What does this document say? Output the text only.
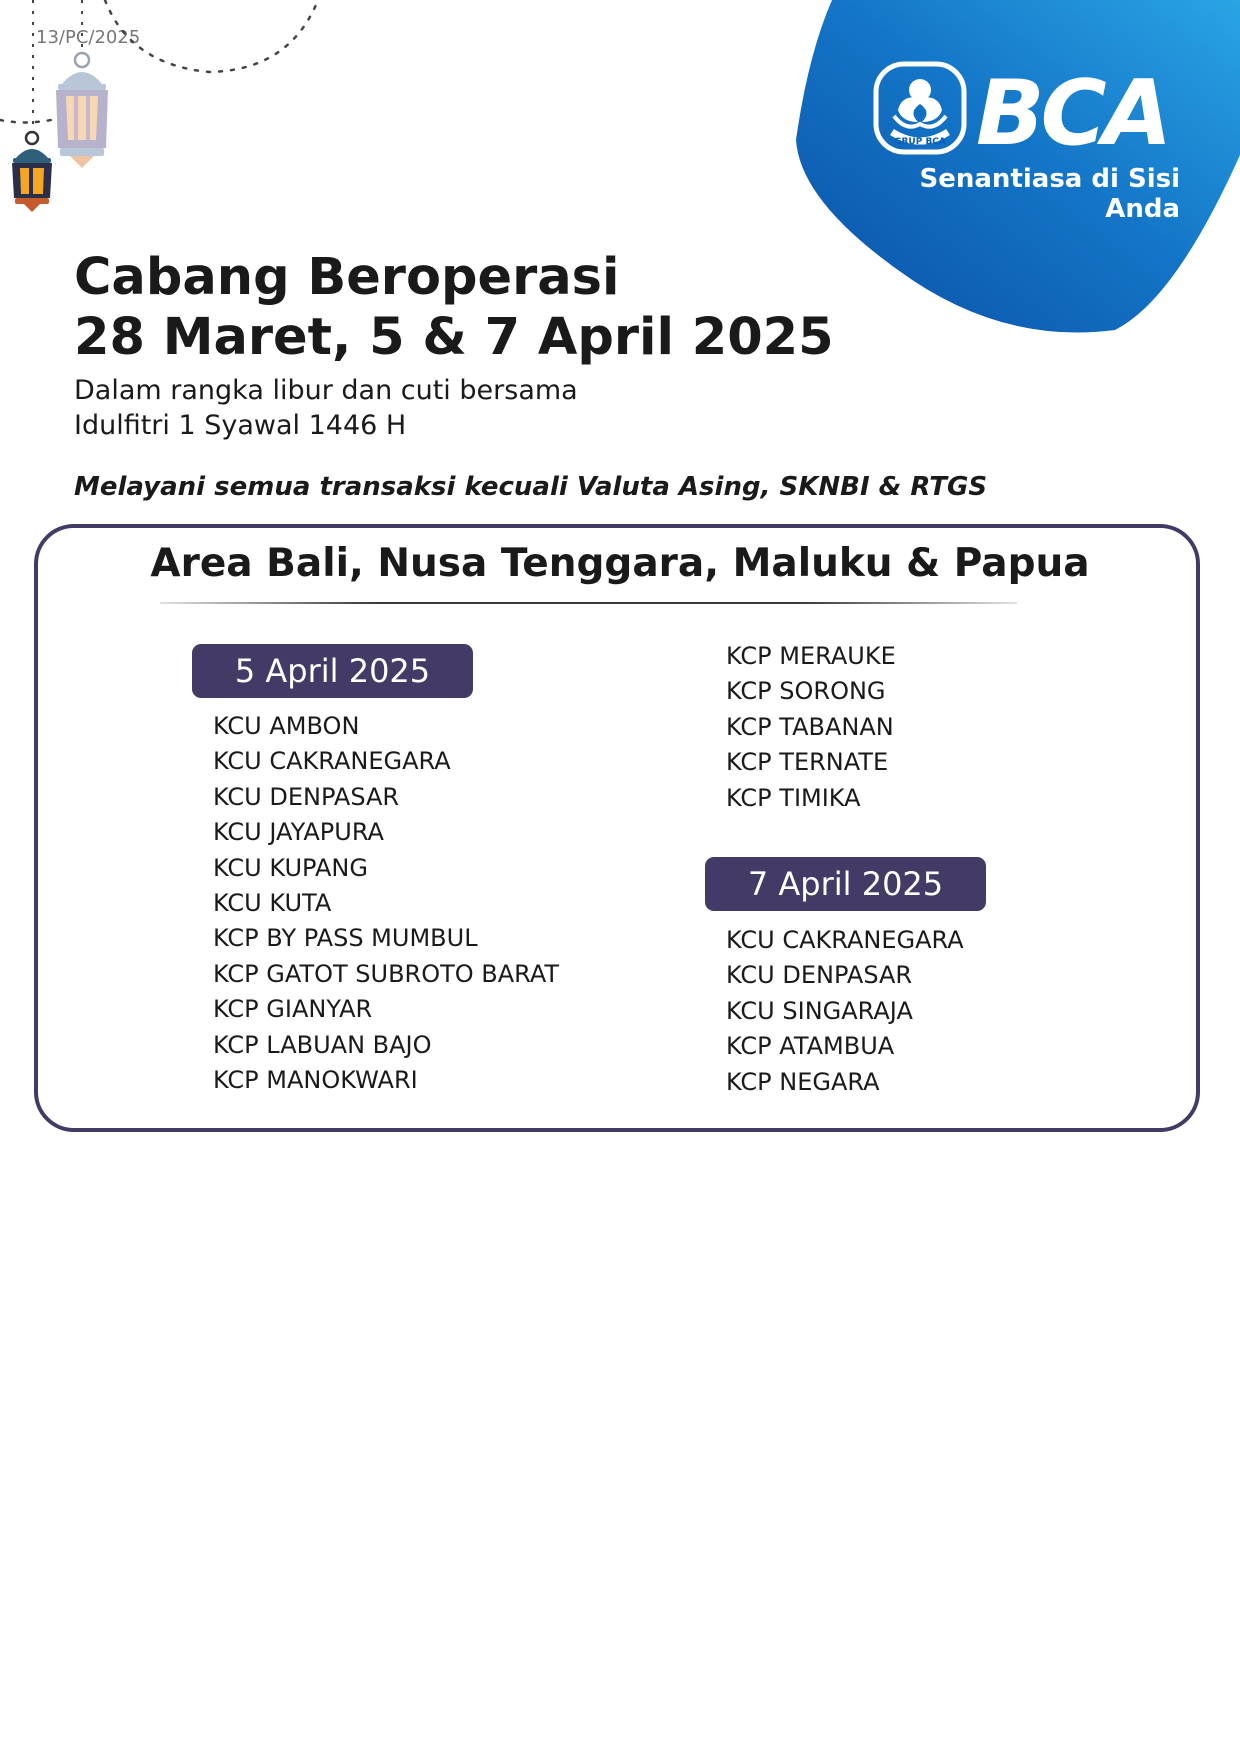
13/PC/2025
GRUP BCA BCA
Senantiasa di Sisi Anda
Cabang Beroperasi
28 Maret, 5 & 7 April 2025
Dalam rangka libur dan cuti bersama
Idulfitri 1 Syawal 1446 H
Melayani semua transaksi kecuali Valuta Asing, SKNBI & RTGS
Area Bali, Nusa Tenggara, Maluku & Papua
5 April 2025
KCU AMBON
KCU CAKRANEGARA
KCU DENPASAR
KCU JAYAPURA
KCU KUPANG
KCU KUTA
KCP BY PASS MUMBUL
KCP GATOT SUBROTO BARAT
KCP GIANYAR
KCP LABUAN BAJO
KCP MANOKWARI
KCP MERAUKE
KCP SORONG
KCP TABANAN
KCP TERNATE
KCP TIMIKA
7 April 2025
KCU CAKRANEGARA
KCU DENPASAR
KCU SINGARAJA
KCP ATAMBUA
KCP NEGARA
